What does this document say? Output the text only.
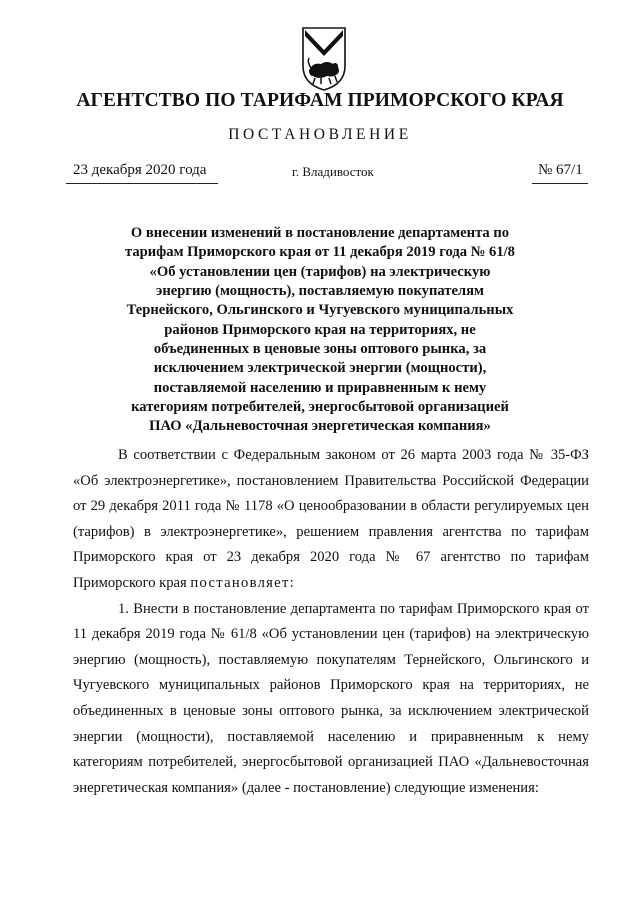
АГЕНТСТВО ПО ТАРИФАМ ПРИМОРСКОГО КРАЯ
ПОСТАНОВЛЕНИЕ
23 декабря 2020 года	г. Владивосток	№ 67/1
О внесении изменений в постановление департамента по
тарифам Приморского края от 11 декабря 2019 года № 61/8
«Об установлении цен (тарифов) на электрическую
энергию (мощность), поставляемую покупателям
Тернейского, Ольгинского и Чугуевского муниципальных
районов Приморского края на территориях, не
объединенных в ценовые зоны оптового рынка, за
исключением электрической энергии (мощности),
поставляемой населению и приравненным к нему
категориям потребителей, энергосбытовой организацией
ПАО «Дальневосточная энергетическая компания»

В соответствии с Федеральным законом от 26 марта 2003 года № 35-ФЗ «Об электроэнергетике», постановлением Правительства Российской Федерации от 29 декабря 2011 года № 1178 «О ценообразовании в области регулируемых цен (тарифов) в электроэнергетике», решением правления агентства по тарифам Приморского края от 23 декабря 2020 года № 67 агентство по тарифам Приморского края постановляет:

1. Внести в постановление департамента по тарифам Приморского края от 11 декабря 2019 года № 61/8 «Об установлении цен (тарифов) на электрическую энергию (мощность), поставляемую покупателям Тернейского, Ольгинского и Чугуевского муниципальных районов Приморского края на территориях, не объединенных в ценовые зоны оптового рынка, за исключением электрической энергии (мощности), поставляемой населению и приравненным к нему категориям потребителей, энергосбытовой организацией ПАО «Дальневосточная энергетическая компания» (далее - постановление) следующие изменения:
